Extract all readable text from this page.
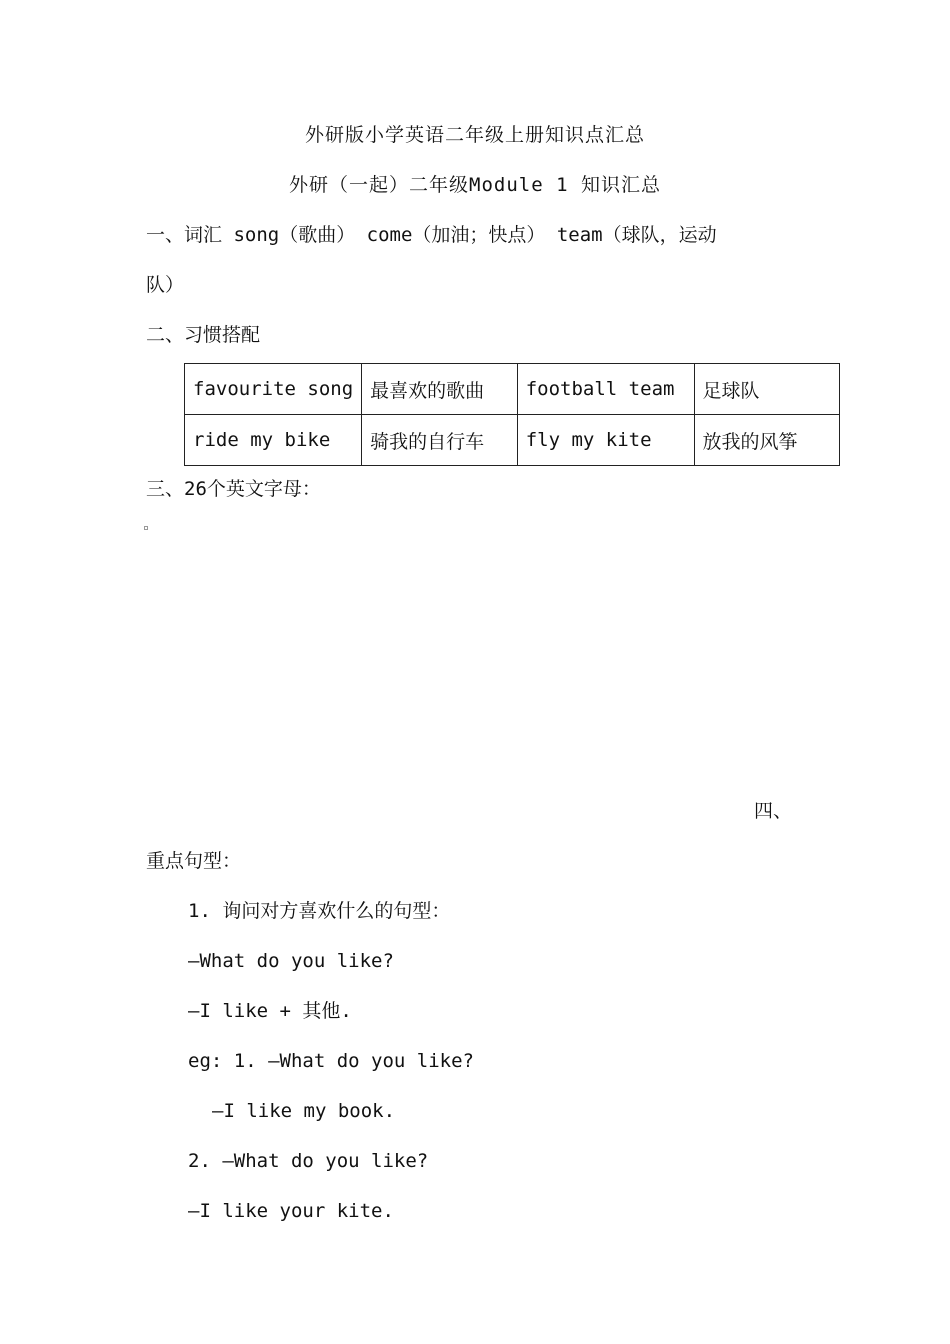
外研版小学英语二年级上册知识点汇总
外研（一起）二年级Module 1 知识汇总
一、词汇 song（歌曲） come（加油；快点） team（球队，运动
队）
二、习惯搭配
favourite song	最喜欢的歌曲	football team	足球队
ride my bike	骑我的自行车	fly my kite	放我的风筝
三、26个英文字母：
四、
重点句型：
1. 询问对方喜欢什么的句型：
—What do you like?
—I like + 其他.
eg: 1. —What do you like?
—I like my book.
2. —What do you like?
—I like your kite.
